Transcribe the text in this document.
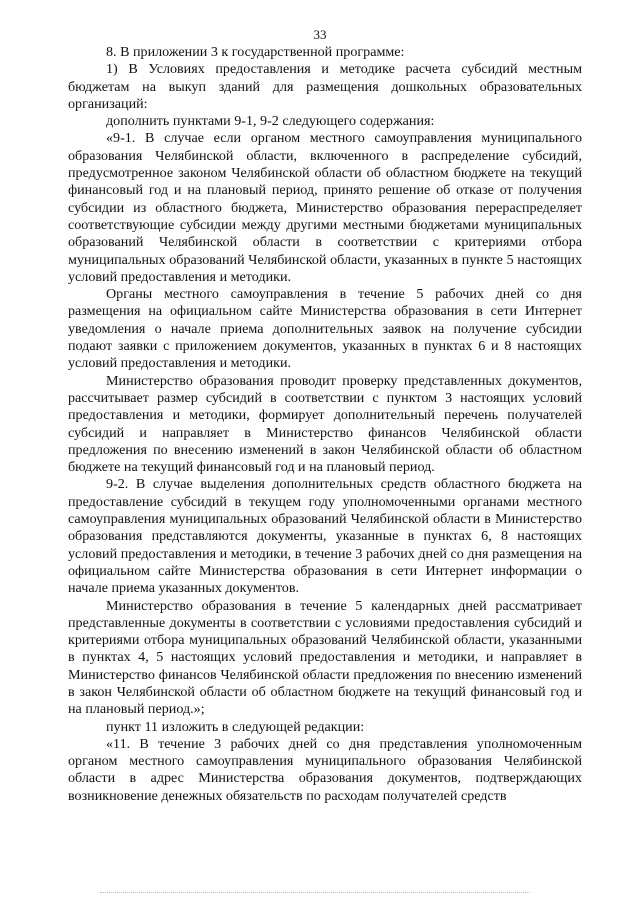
33

8. В приложении 3 к государственной программе:

1) В Условиях предоставления и методике расчета субсидий местным бюджетам на выкуп зданий для размещения дошкольных образовательных организаций:

дополнить пунктами 9-1, 9-2 следующего содержания:

«9-1. В случае если органом местного самоуправления муниципального образования Челябинской области, включенного в распределение субсидий, предусмотренное законом Челябинской области об областном бюджете на текущий финансовый год и на плановый период, принято решение об отказе от получения субсидии из областного бюджета, Министерство образования перераспределяет соответствующие субсидии между другими местными бюджетами муниципальных образований Челябинской области в соответствии с критериями отбора муниципальных образований Челябинской области, указанных в пункте 5 настоящих условий предоставления и методики.

Органы местного самоуправления в течение 5 рабочих дней со дня размещения на официальном сайте Министерства образования в сети Интернет уведомления о начале приема дополнительных заявок на получение субсидии подают заявки с приложением документов, указанных в пунктах 6 и 8 настоящих условий предоставления и методики.

Министерство образования проводит проверку представленных документов, рассчитывает размер субсидий в соответствии с пунктом 3 настоящих условий предоставления и методики, формирует дополнительный перечень получателей субсидий и направляет в Министерство финансов Челябинской области предложения по внесению изменений в закон Челябинской области об областном бюджете на текущий финансовый год и на плановый период.

9-2. В случае выделения дополнительных средств областного бюджета на предоставление субсидий в текущем году уполномоченными органами местного самоуправления муниципальных образований Челябинской области в Министерство образования представляются документы, указанные в пунктах 6, 8 настоящих условий предоставления и методики, в течение 3 рабочих дней со дня размещения на официальном сайте Министерства образования в сети Интернет информации о начале приема указанных документов.

Министерство образования в течение 5 календарных дней рассматривает представленные документы в соответствии с условиями предоставления субсидий и критериями отбора муниципальных образований Челябинской области, указанными в пунктах 4, 5 настоящих условий предоставления и методики, и направляет в Министерство финансов Челябинской области предложения по внесению изменений в закон Челябинской области об областном бюджете на текущий финансовый год и на плановый период.»;

пункт 11 изложить в следующей редакции:

«11. В течение 3 рабочих дней со дня представления уполномоченным органом местного самоуправления муниципального образования Челябинской области в адрес Министерства образования документов, подтверждающих возникновение денежных обязательств по расходам получателей средств
